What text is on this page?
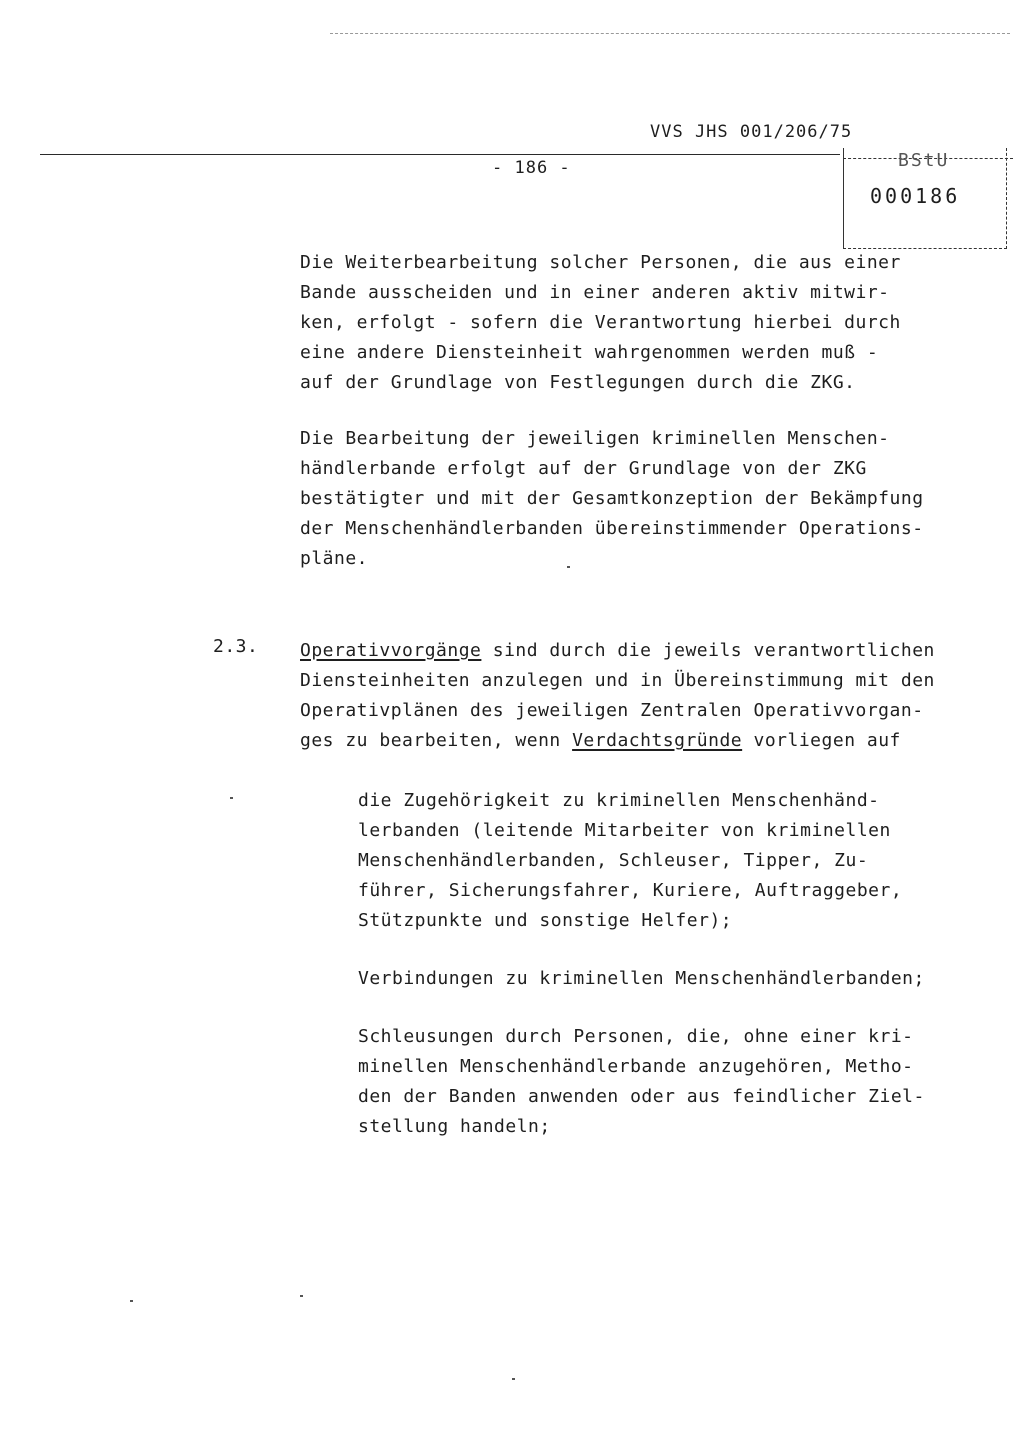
VVS JHS 001/206/75
- 186 -	BStU
000186
Die Weiterbearbeitung solcher Personen, die aus einer
Bande ausscheiden und in einer anderen aktiv mitwir-
ken, erfolgt - sofern die Verantwortung hierbei durch
eine andere Diensteinheit wahrgenommen werden muß -
auf der Grundlage von Festlegungen durch die ZKG.
Die Bearbeitung der jeweiligen kriminellen Menschen-
händlerbande erfolgt auf der Grundlage von der ZKG
bestätigter und mit der Gesamtkonzeption der Bekämpfung
der Menschenhändlerbanden übereinstimmender Operations-
pläne.
2.3. Operativvorgänge sind durch die jeweils verantwortlichen
Diensteinheiten anzulegen und in Übereinstimmung mit den
Operativplänen des jeweiligen Zentralen Operativvorgan-
ges zu bearbeiten, wenn Verdachtsgründe vorliegen auf
die Zugehörigkeit zu kriminellen Menschenhänd-
lerbanden (leitende Mitarbeiter von kriminellen
Menschenhändlerbanden, Schleuser, Tipper, Zu-
führer, Sicherungsfahrer, Kuriere, Auftraggeber,
Stützpunkte und sonstige Helfer);
Verbindungen zu kriminellen Menschenhändlerbanden;
Schleusungen durch Personen, die, ohne einer kri-
minellen Menschenhändlerbande anzugehören, Metho-
den der Banden anwenden oder aus feindlicher Ziel-
stellung handeln;
